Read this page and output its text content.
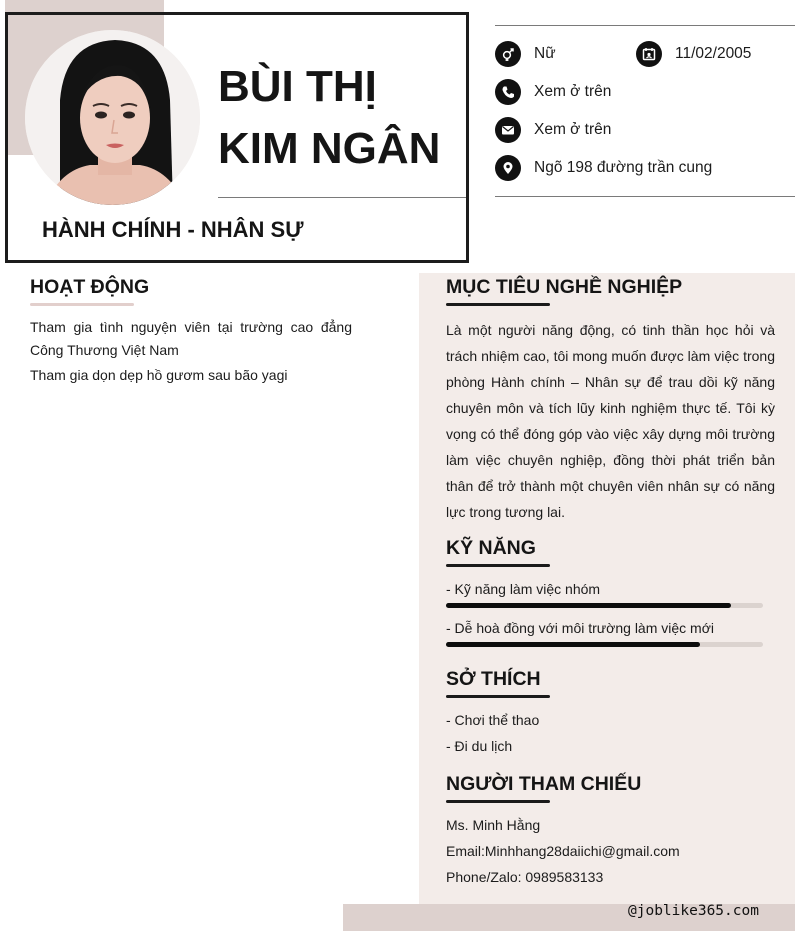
BÙI THỊ
KIM NGÂN
HÀNH CHÍNH - NHÂN SỰ
Nữ	11/02/2005
Xem ở trên
Xem ở trên
Ngõ 198 đường trần cung
HOẠT ĐỘNG
Tham gia tình nguyện viên tại trường cao đẳng Công Thương Việt Nam
Tham gia dọn dẹp hồ gươm sau bão yagi
MỤC TIÊU NGHỀ NGHIỆP
Là một người năng động, có tinh thần học hỏi và trách nhiệm cao, tôi mong muốn được làm việc trong phòng Hành chính – Nhân sự để trau dồi kỹ năng chuyên môn và tích lũy kinh nghiệm thực tế. Tôi kỳ vọng có thể đóng góp vào việc xây dựng môi trường làm việc chuyên nghiệp, đồng thời phát triển bản thân để trở thành một chuyên viên nhân sự có năng lực trong tương lai.
KỸ NĂNG
- Kỹ năng làm việc nhóm
- Dễ hoà đồng với môi trường làm việc mới
SỞ THÍCH
- Chơi thể thao
- Đi du lịch
NGƯỜI THAM CHIẾU
Ms. Minh Hằng
Email:Minhhang28daiichi@gmail.com
Phone/Zalo: 0989583133
@joblike365.com
